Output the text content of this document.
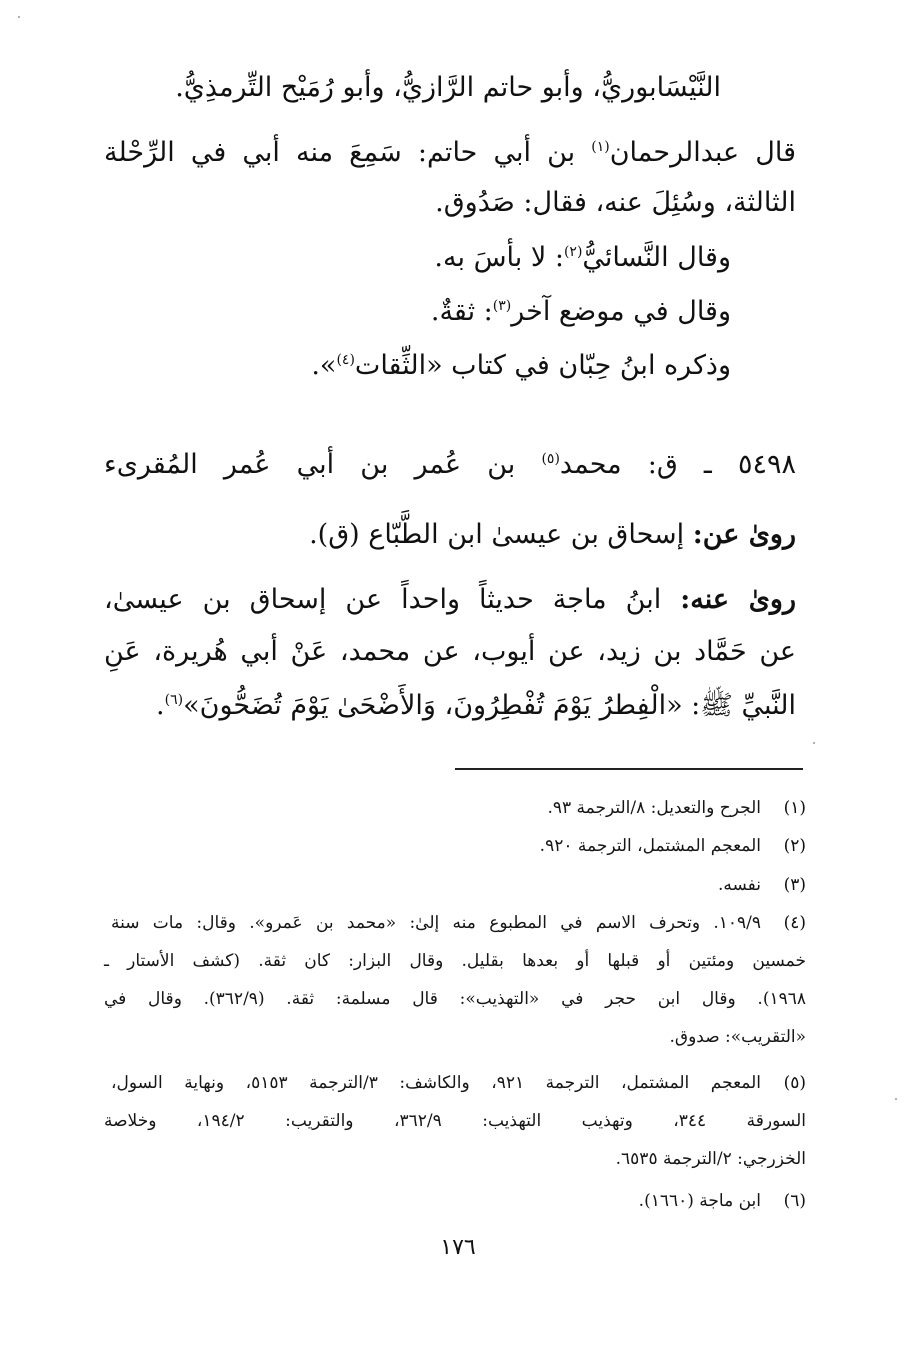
النَّيْسَابوريُّ، وأبو حاتم الرَّازيُّ، وأبو رُمَيْح التِّرمذِيُّ.
قال عبدالرحمان$^{(١)}$ بن أبي حاتم: سَمِعَ منه أبي في الرِّحْلة
الثالثة، وسُئِلَ عنه، فقال: صَدُوق.
وقال النَّسائيُّ$^{(٢)}$: لا بأسَ به.
وقال في موضع آخر$^{(٣)}$: ثقةٌ.
وذكره ابنُ حِبّان في كتاب «الثِّقات$^{(٤)}$».
٥٤٩٨ ـ ق: محمد$^{(٥)}$ بن عُمر بن أبي عُمر المُقرىء
روىٰ عن: إسحاق بن عيسىٰ ابن الطَّبّاع (ق).
روىٰ عنه: ابنُ ماجة حديثاً واحداً عن إسحاق بن عيسىٰ،
عن حَمَّاد بن زيد، عن أيوب، عن محمد، عَنْ أبي هُريرة، عَنِ
النَّبيِّ ﷺ: «الْفِطرُ يَوْمَ تُفْطِرُونَ، وَالأَضْحَىٰ يَوْمَ تُضَحُّونَ»$^{(٦)}$.
(١)
الجرح والتعديل: ٨/الترجمة ٩٣.
(٢)
المعجم المشتمل، الترجمة ٩٢٠.
(٣)
نفسه.
(٤)
١٠٩/٩. وتحرف الاسم في المطبوع منه إلىٰ: «محمد بن عَمرو». وقال: مات سنة
خمسين ومئتين أو قبلها أو بعدها بقليل. وقال البزار: كان ثقة. (كشف الأستار ـ
١٩٦٨). وقال ابن حجر في «التهذيب»: قال مسلمة: ثقة. (٣٦٢/٩). وقال في
«التقريب»: صدوق.
(٥)
المعجم المشتمل، الترجمة ٩٢١، والكاشف: ٣/الترجمة ٥١٥٣، ونهاية السول،
السورقة ٣٤٤، وتهذيب التهذيب: ٣٦٢/٩، والتقريب: ١٩٤/٢، وخلاصة
الخزرجي: ٢/الترجمة ٦٥٣٥.
(٦)
ابن ماجة (١٦٦٠).
١٧٦
